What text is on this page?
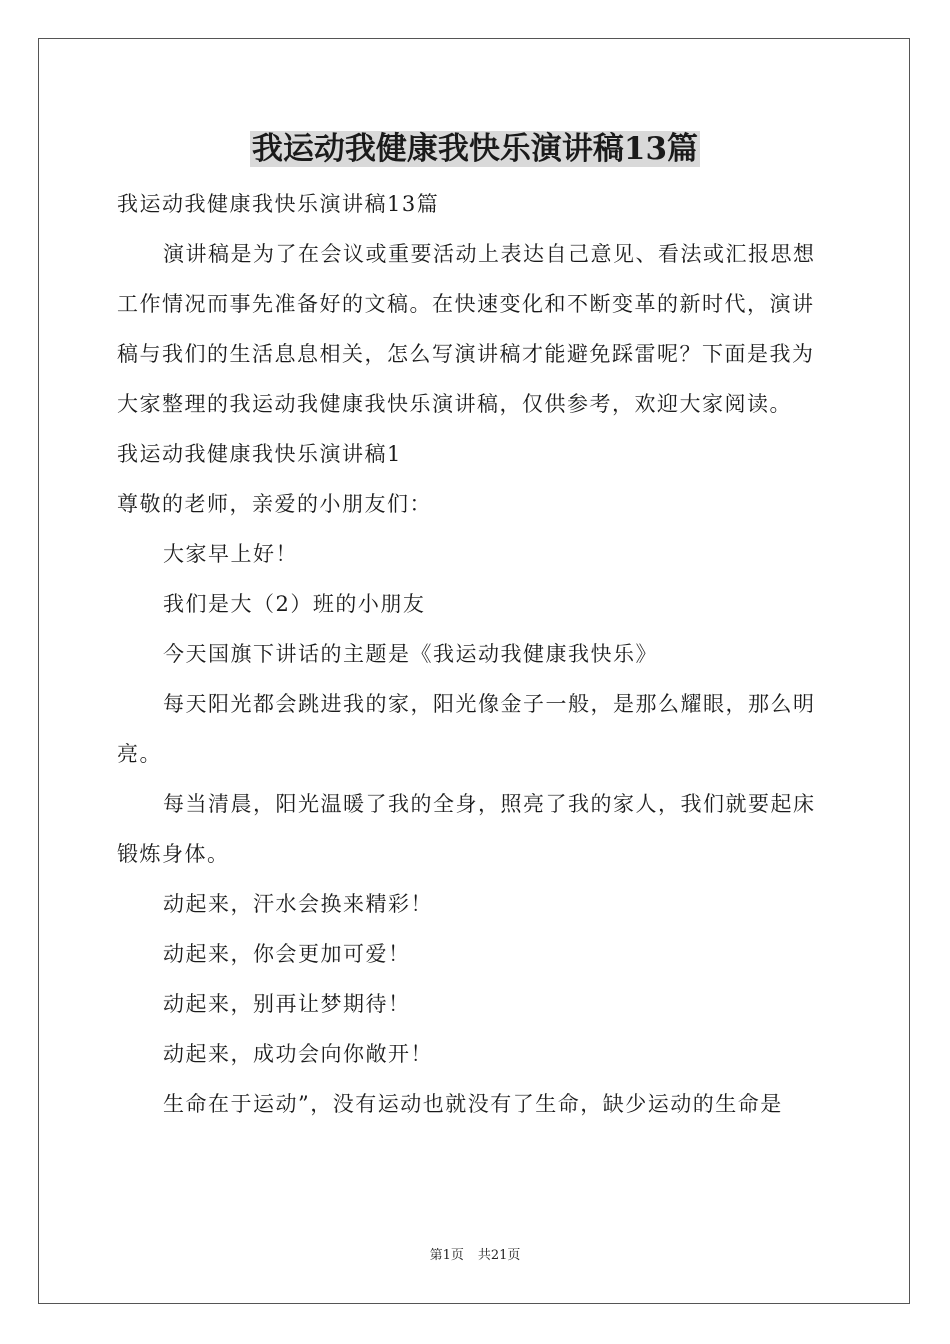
我运动我健康我快乐演讲稿13篇

我运动我健康我快乐演讲稿13篇

演讲稿是为了在会议或重要活动上表达自己意见、看法或汇报思想工作情况而事先准备好的文稿。在快速变化和不断变革的新时代，演讲稿与我们的生活息息相关，怎么写演讲稿才能避免踩雷呢？下面是我为大家整理的我运动我健康我快乐演讲稿，仅供参考，欢迎大家阅读。

我运动我健康我快乐演讲稿1

尊敬的老师，亲爱的小朋友们：

大家早上好！

我们是大（2）班的小朋友

今天国旗下讲话的主题是《我运动我健康我快乐》

每天阳光都会跳进我的家，阳光像金子一般，是那么耀眼，那么明亮。

每当清晨，阳光温暖了我的全身，照亮了我的家人，我们就要起床锻炼身体。

动起来，汗水会换来精彩！

动起来，你会更加可爱！

动起来，别再让梦期待！

动起来，成功会向你敞开！

生命在于运动”，没有运动也就没有了生命，缺少运动的生命是

第1页 共21页
